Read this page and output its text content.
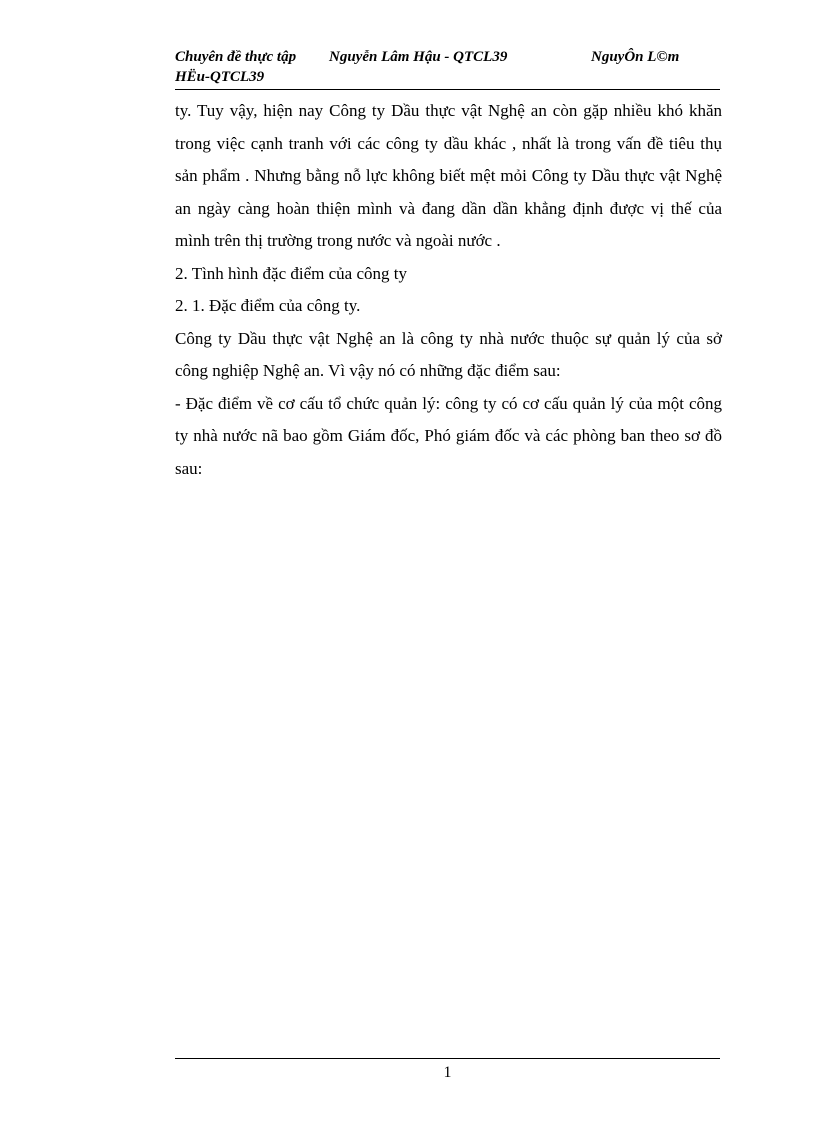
Chuyên đề thực tập Nguyễn Lâm Hậu - QTCL39	NguyÔn L©m
HËu-QTCL39

ty. Tuy vậy, hiện nay Công ty Dầu thực vật Nghệ an còn gặp nhiều khó khăn trong việc cạnh tranh với các công ty dầu khác , nhất là trong vấn đề tiêu thụ sản phẩm . Nhưng bằng nỗ lực không biết mệt mỏi Công ty Dầu thực vật Nghệ an ngày càng hoàn thiện mình và đang dần dần khẳng định được vị thế của mình trên thị trường trong nước và ngoài nước .

2. Tình hình đặc điểm của công ty

2. 1. Đặc điểm của công ty.

Công ty Dầu thực vật Nghệ an là công ty nhà nước thuộc sự quản lý của sở công nghiệp Nghệ an. Vì vậy nó có những đặc điểm sau:

- Đặc điểm về cơ cấu tổ chức quản lý: công ty có cơ cấu quản lý của một công ty nhà nước nã bao gồm Giám đốc, Phó giám đốc và các phòng ban theo sơ đồ sau:

1
